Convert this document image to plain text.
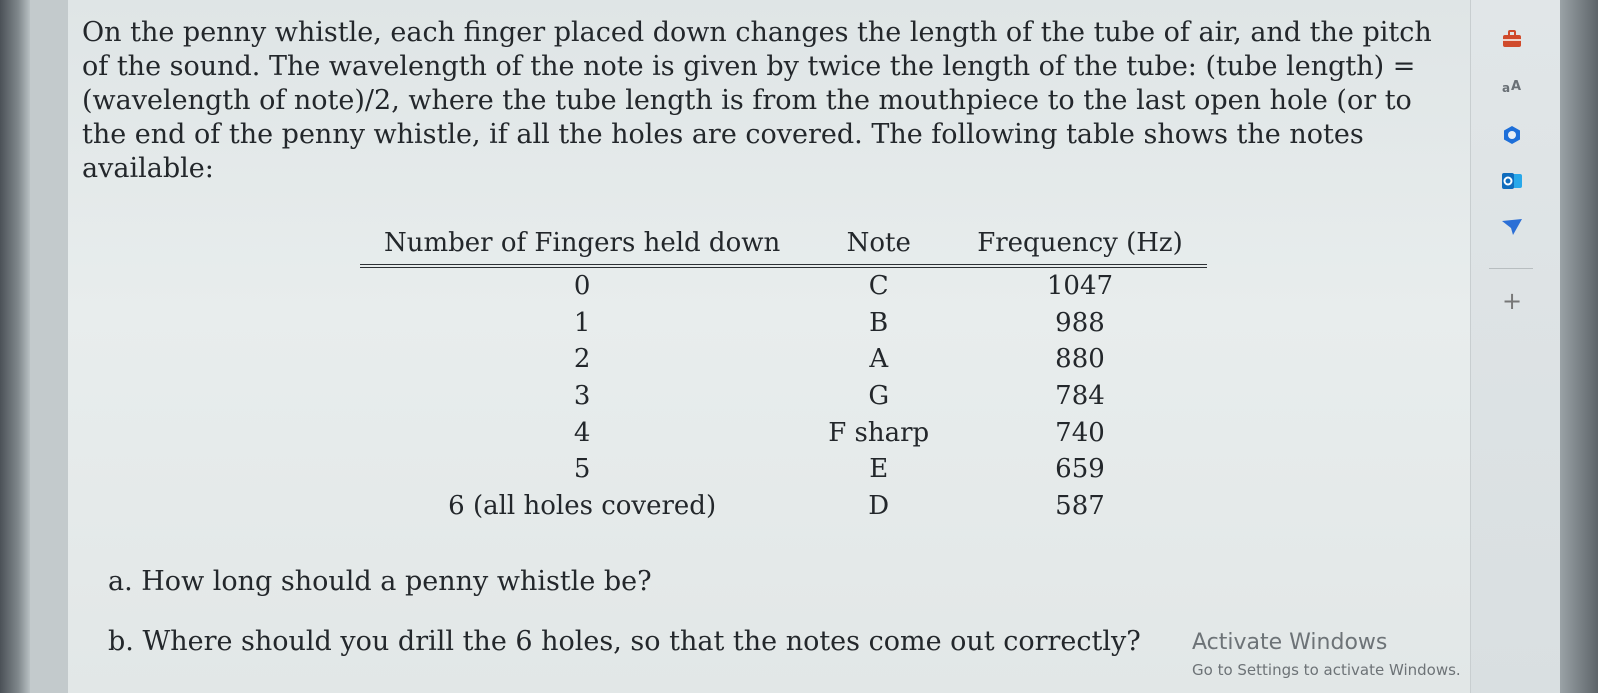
On the penny whistle, each finger placed down changes the length of the tube of air, and the pitch of the sound. The wavelength of the note is given by twice the length of the tube: (tube length) = (wavelength of note)/2, where the tube length is from the mouthpiece to the last open hole (or to the end of the penny whistle, if all the holes are covered. The following table shows the notes available:

Number of Fingers held down	Note	Frequency (Hz)
0	C	1047
1	B	988
2	A	880
3	G	784
4	F sharp	740
5	E	659
6 (all holes covered)	D	587

a. How long should a penny whistle be?

b. Where should you drill the 6 holes, so that the notes come out correctly? Activate Windows
Go to Settings to activate Windows.
a A
+
